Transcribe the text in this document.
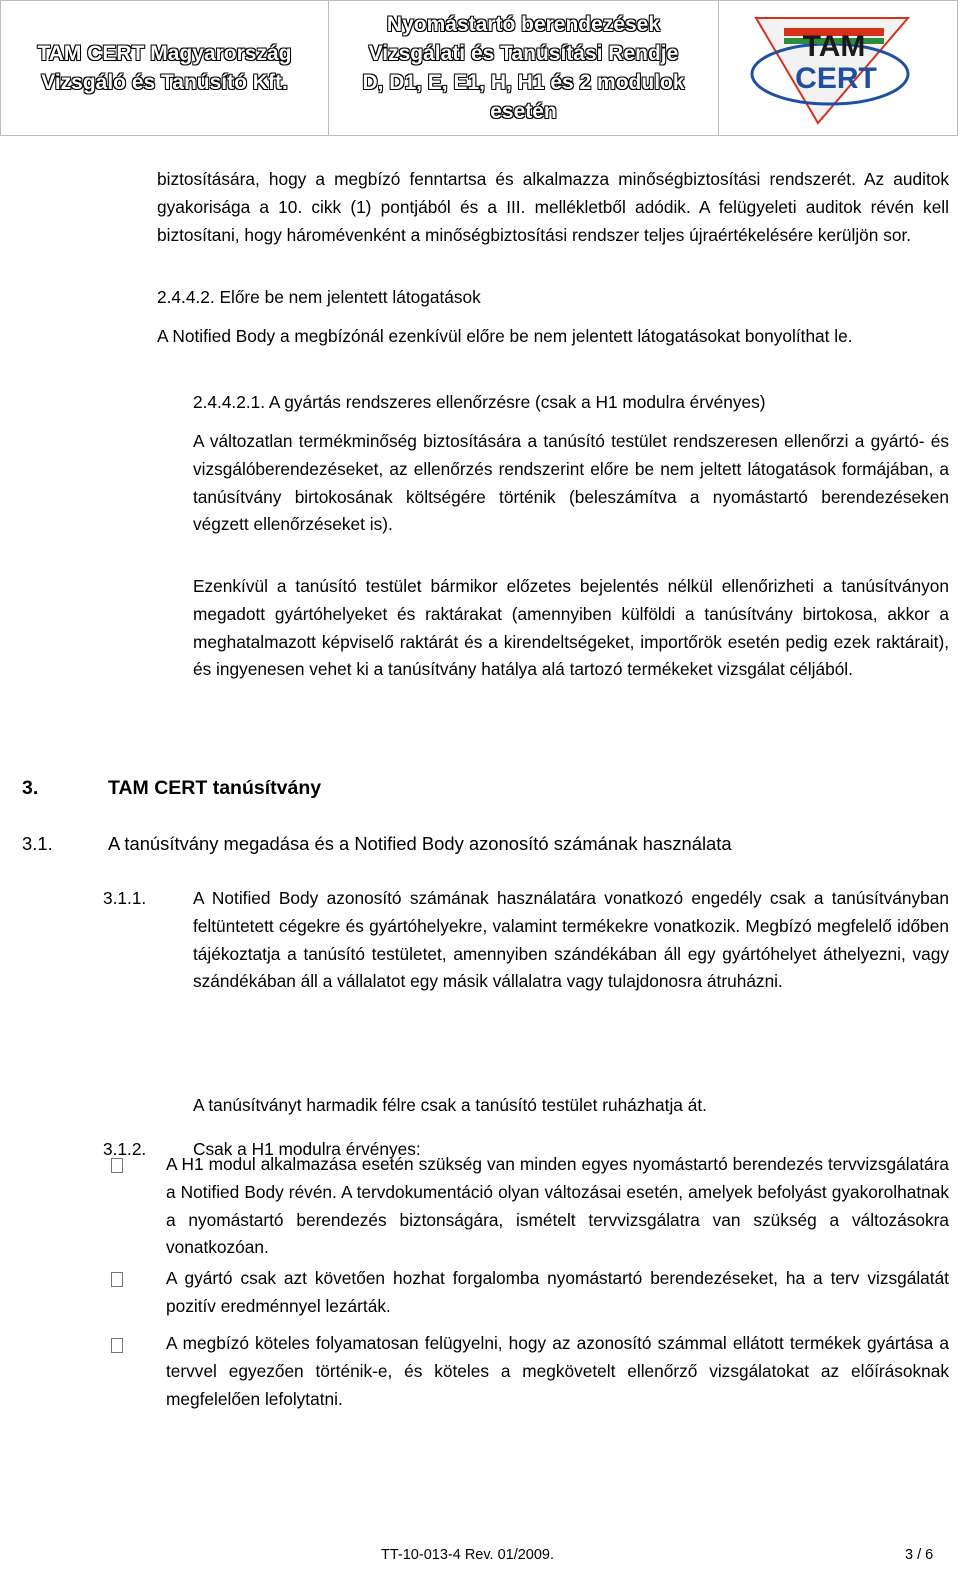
TAM CERT Magyarország
Vizsgáló és Tanúsító Kft.
Nyomástartó berendezések
Vizsgálati és Tanúsítási Rendje
D, D1, E, E1, H, H1 és 2 modulok
esetén
TAM
CERT
biztosítására, hogy a megbízó fenntartsa és alkalmazza minőségbiztosítási rendszerét. Az auditok gyakorisága a 10. cikk (1) pontjából és a III. mellékletből adódik. A felügyeleti auditok révén kell biztosítani, hogy háromévenként a minőségbiztosítási rendszer teljes újraértékelésére kerüljön sor.
2.4.4.2. Előre be nem jelentett látogatások
A Notified Body a megbízónál ezenkívül előre be nem jelentett látogatásokat bonyolíthat le.
2.4.4.2.1. A gyártás rendszeres ellenőrzésre (csak a H1 modulra érvényes)
A változatlan termékminőség biztosítására a tanúsító testület rendszeresen ellenőrzi a gyártó- és vizsgálóberendezéseket, az ellenőrzés rendszerint előre be nem jeltett látogatások formájában, a tanúsítvány birtokosának költségére történik (beleszámítva a nyomástartó berendezéseken végzett ellenőrzéseket is).
Ezenkívül a tanúsító testület bármikor előzetes bejelentés nélkül ellenőrizheti a tanúsítványon megadott gyártóhelyeket és raktárakat (amennyiben külföldi a tanúsítvány birtokosa, akkor a meghatalmazott képviselő raktárát és a kirendeltségeket, importőrök esetén pedig ezek raktárait), és ingyenesen vehet ki a tanúsítvány hatálya alá tartozó termékeket vizsgálat céljából.
3.	TAM CERT tanúsítvány
3.1.	A tanúsítvány megadása és a Notified Body azonosító számának használata
3.1.1.	A Notified Body azonosító számának használatára vonatkozó engedély csak a tanúsítványban feltüntetett cégekre és gyártóhelyekre, valamint termékekre vonatkozik. Megbízó megfelelő időben tájékoztatja a tanúsító testületet, amennyiben szándékában áll egy gyártóhelyet áthelyezni, vagy szándékában áll a vállalatot egy másik vállalatra vagy tulajdonosra átruházni.
A tanúsítványt harmadik félre csak a tanúsító testület ruházhatja át.
3.1.2.	Csak a H1 modulra érvényes:
A H1 modul alkalmazása esetén szükség van minden egyes nyomástartó berendezés tervvizsgálatára a Notified Body révén. A tervdokumentáció olyan változásai esetén, amelyek befolyást gyakorolhatnak a nyomástartó berendezés biztonságára, ismételt tervvizsgálatra van szükség a változásokra vonatkozóan.
A gyártó csak azt követően hozhat forgalomba nyomástartó berendezéseket, ha a terv vizsgálatát pozitív eredménnyel lezárták.
A megbízó köteles folyamatosan felügyelni, hogy az azonosító számmal ellátott termékek gyártása a tervvel egyezően történik-e, és köteles a megkövetelt ellenőrző vizsgálatokat az előírásoknak megfelelően lefolytatni.
TT-10-013-4 Rev. 01/2009.	3 / 6
